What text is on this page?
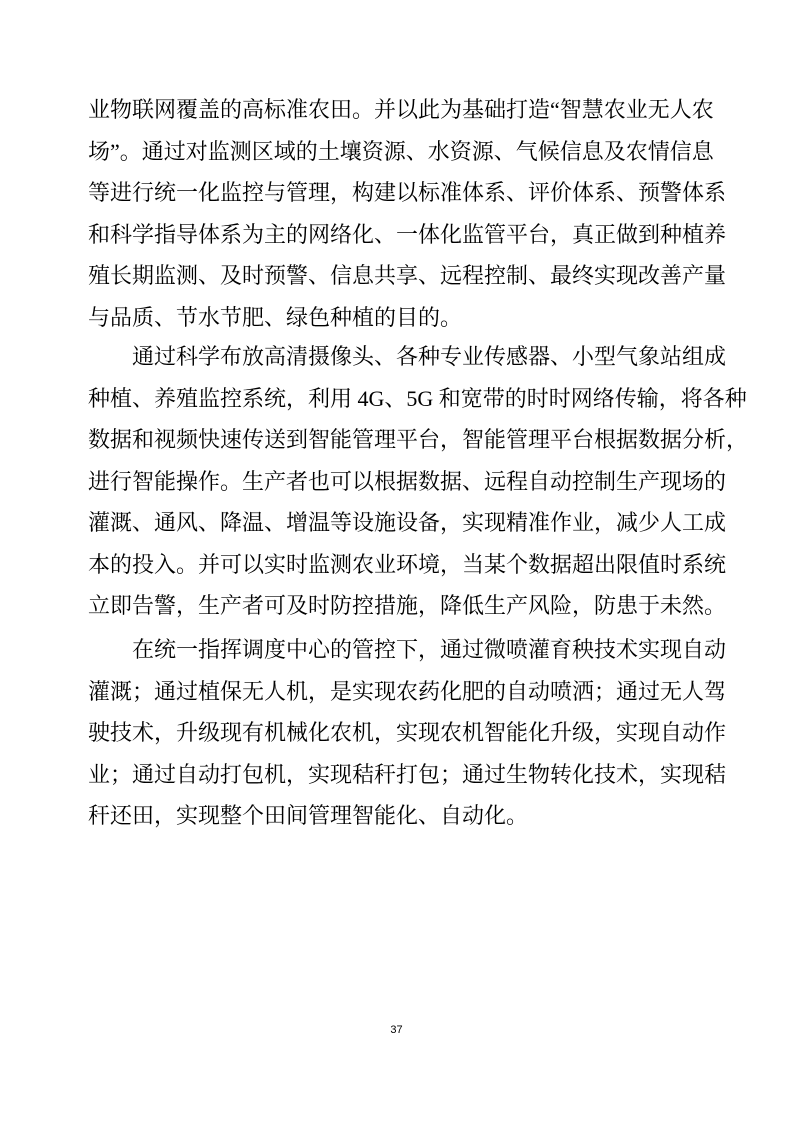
业物联网覆盖的高标准农田。并以此为基础打造“智慧农业无人农
场”。通过对监测区域的土壤资源、水资源、气候信息及农情信息
等进行统一化监控与管理，构建以标准体系、评价体系、预警体系
和科学指导体系为主的网络化、一体化监管平台，真正做到种植养
殖长期监测、及时预警、信息共享、远程控制、最终实现改善产量
与品质、节水节肥、绿色种植的目的。
通过科学布放高清摄像头、各种专业传感器、小型气象站组成
种植、养殖监控系统，利用 4G、5G 和宽带的时时网络传输，将各种
数据和视频快速传送到智能管理平台，智能管理平台根据数据分析，
进行智能操作。生产者也可以根据数据、远程自动控制生产现场的
灌溉、通风、降温、增温等设施设备，实现精准作业，减少人工成
本的投入。并可以实时监测农业环境，当某个数据超出限值时系统
立即告警，生产者可及时防控措施，降低生产风险，防患于未然。
在统一指挥调度中心的管控下，通过微喷灌育秧技术实现自动
灌溉；通过植保无人机，是实现农药化肥的自动喷洒；通过无人驾
驶技术，升级现有机械化农机，实现农机智能化升级，实现自动作
业；通过自动打包机，实现秸秆打包；通过生物转化技术，实现秸
秆还田，实现整个田间管理智能化、自动化。
37
